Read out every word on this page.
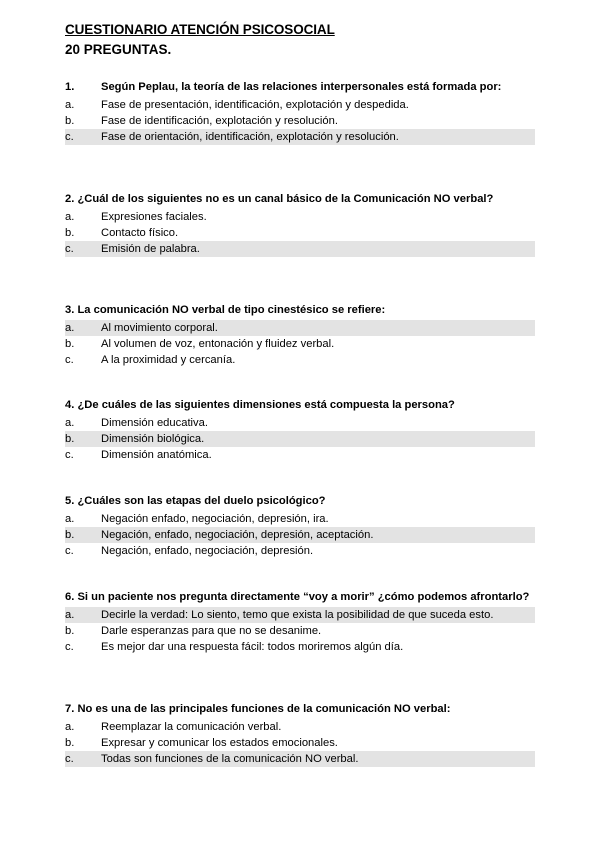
CUESTIONARIO ATENCIÓN PSICOSOCIAL
20 PREGUNTAS.
1. Según Peplau, la teoría de las relaciones interpersonales está formada por:
a.	Fase de presentación, identificación, explotación y despedida.
b.	Fase de identificación, explotación y resolución.
c.	Fase de orientación, identificación, explotación y resolución.
2. ¿Cuál de los siguientes no es un canal básico de la Comunicación NO verbal?
a.	Expresiones faciales.
b.	Contacto físico.
c.	Emisión de palabra.
3. La comunicación NO verbal de tipo cinestésico se refiere:
a.	Al movimiento corporal.
b.	Al volumen de voz, entonación y fluidez verbal.
c.	A la proximidad y cercanía.
4. ¿De cuáles de las siguientes dimensiones está compuesta la persona?
a.	Dimensión educativa.
b.	Dimensión biológica.
c.	Dimensión anatómica.
5. ¿Cuáles son las etapas del duelo psicológico?
a.	Negación enfado, negociación, depresión, ira.
b.	Negación, enfado, negociación, depresión, aceptación.
c.	Negación, enfado, negociación, depresión.
6. Si un paciente nos pregunta directamente “voy a morir” ¿cómo podemos afrontarlo?
a.	Decirle la verdad: Lo siento, temo que exista la posibilidad de que suceda esto.
b.	Darle esperanzas para que no se desanime.
c.	Es mejor dar una respuesta fácil: todos moriremos algún día.
7. No es una de las principales funciones de la comunicación NO verbal:
a.	Reemplazar la comunicación verbal.
b.	Expresar y comunicar los estados emocionales.
c.	Todas son funciones de la comunicación NO verbal.
